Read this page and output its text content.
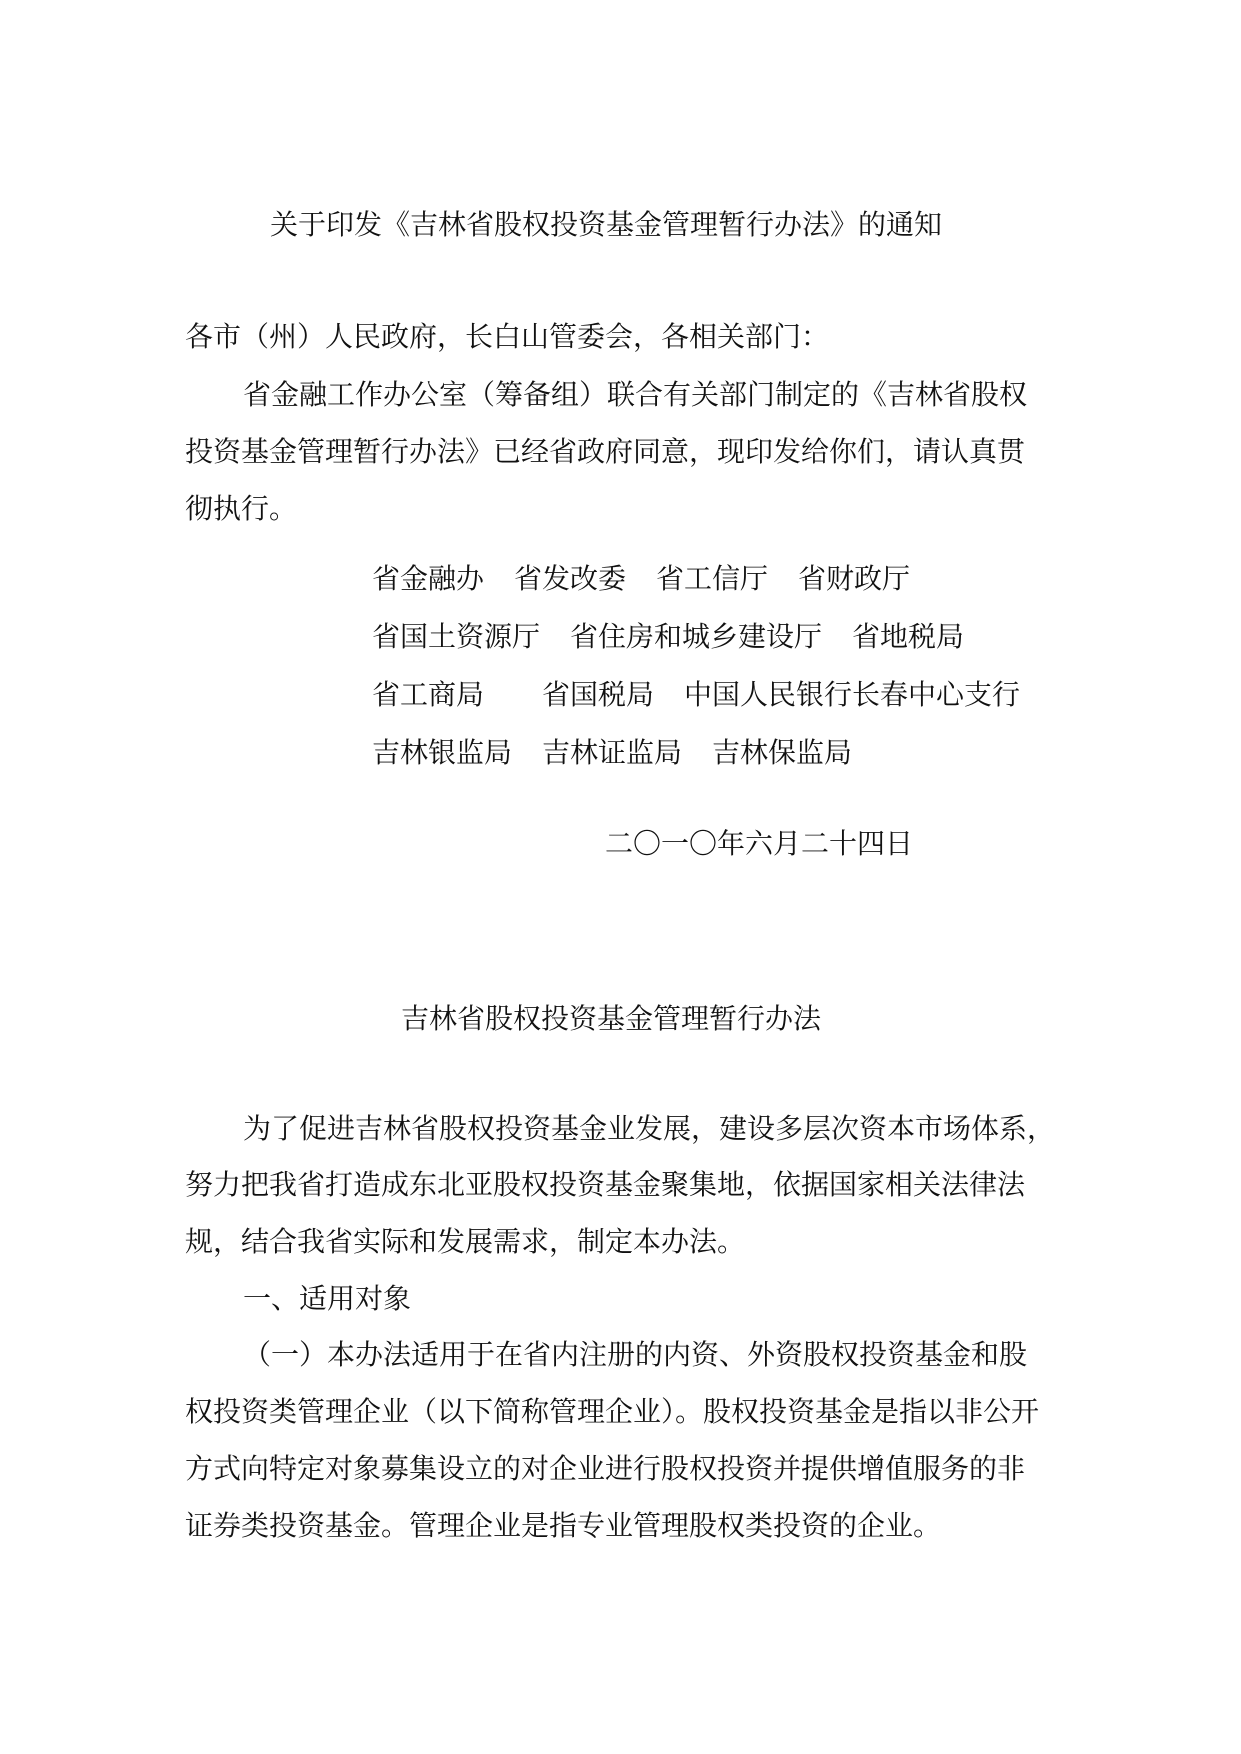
关于印发《吉林省股权投资基金管理暂行办法》的通知
各市（州）人民政府，长白山管委会，各相关部门：
省金融工作办公室（筹备组）联合有关部门制定的《吉林省股权
投资基金管理暂行办法》已经省政府同意，现印发给你们，请认真贯
彻执行。
省金融办 省发改委 省工信厅 省财政厅
省国土资源厅 省住房和城乡建设厅 省地税局
省工商局 省国税局 中国人民银行长春中心支行
吉林银监局 吉林证监局 吉林保监局
二〇一〇年六月二十四日
吉林省股权投资基金管理暂行办法
为了促进吉林省股权投资基金业发展，建设多层次资本市场体系，
努力把我省打造成东北亚股权投资基金聚集地，依据国家相关法律法
规，结合我省实际和发展需求，制定本办法。
一、适用对象
（一）本办法适用于在省内注册的内资、外资股权投资基金和股
权投资类管理企业（以下简称管理企业）。股权投资基金是指以非公开
方式向特定对象募集设立的对企业进行股权投资并提供增值服务的非
证券类投资基金。管理企业是指专业管理股权类投资的企业。
